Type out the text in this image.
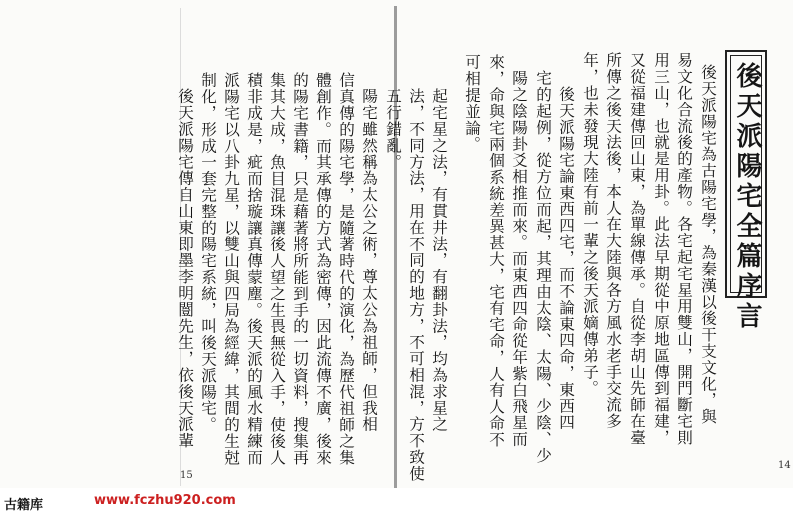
後天派陽宅全篇序言
後天派陽宅為古陽宅學，為秦漢以後干支文化，與
易文化合流後的產物。各宅起宅星用雙山，開門斷宅則
用三山，也就是用卦。此法早期從中原地區傳到福建，
又從福建傳回山東，為單線傳承。自從李胡山先師在臺
所傳之後天法後，本人在大陸與各方風水老手交流多
年，也未發現大陸有前一輩之後天派嫡傳弟子。
後天派陽宅論東西四宅，而不論東四命，東西四
宅的起例，從方位而起，其理由太陰、太陽、少陰、少
陽之陰陽卦爻相推而來。而東西四命從年紫白飛星而
來，命與宅兩個系統差異甚大，宅有宅命，人有人命不
可相提並論。
14
起宅星之法，有貫井法，有翻卦法，均為求星之
法，不同方法，用在不同的地方，不可相混，方不致使
五行錯亂。
陽宅雖然稱為太公之術，尊太公為祖師，但我相
信真傳的陽宅學，是隨著時代的演化，為歷代祖師之集
體創作。而其承傳的方式為密傳，因此流傳不廣，後來
的陽宅書籍，只是藉著將所能到手的一切資料，搜集再
集其大成，魚目混珠讓後人望之生畏無從入手，使後人
積非成是，疵而捨璇讓真傳蒙塵。後天派的風水精練而
派陽宅以八卦九星，以雙山與四局為經緯，其間的生尅
制化，形成一套完整的陽宅系統，叫後天派陽宅。
後天派陽宅傳自山東即墨李明闓先生，依後天派輩
15
古籍库	www.fczhu920.com
